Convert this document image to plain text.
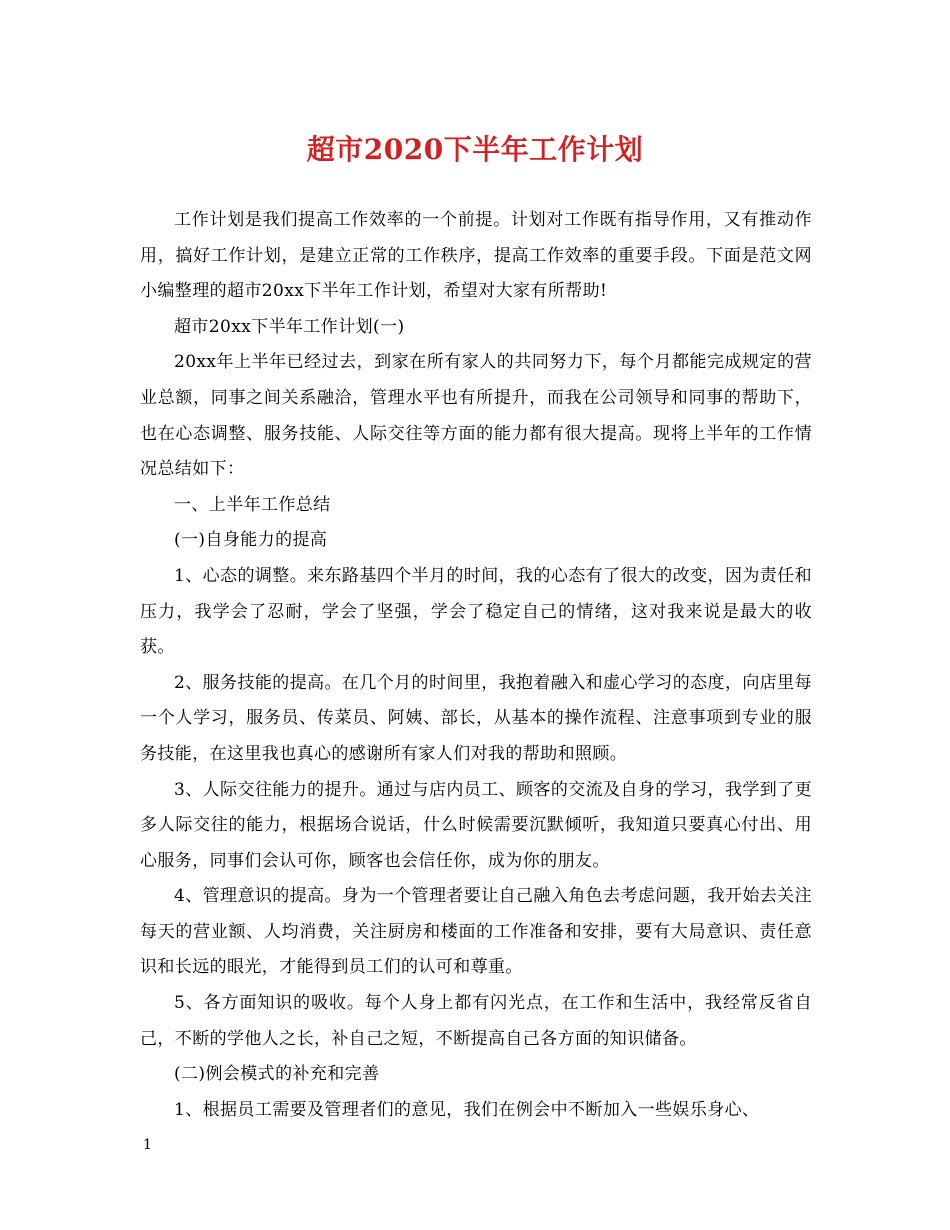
超市2020下半年工作计划

工作计划是我们提高工作效率的一个前提。计划对工作既有指导作用，又有推动作用，搞好工作计划，是建立正常的工作秩序，提高工作效率的重要手段。下面是范文网小编整理的超市20xx下半年工作计划，希望对大家有所帮助!

超市20xx下半年工作计划(一)

20xx年上半年已经过去，到家在所有家人的共同努力下，每个月都能完成规定的营业总额，同事之间关系融洽，管理水平也有所提升，而我在公司领导和同事的帮助下，也在心态调整、服务技能、人际交往等方面的能力都有很大提高。现将上半年的工作情况总结如下：

一、上半年工作总结

(一)自身能力的提高

1、心态的调整。来东路基四个半月的时间，我的心态有了很大的改变，因为责任和压力，我学会了忍耐，学会了坚强，学会了稳定自己的情绪，这对我来说是最大的收获。

2、服务技能的提高。在几个月的时间里，我抱着融入和虚心学习的态度，向店里每一个人学习，服务员、传菜员、阿姨、部长，从基本的操作流程、注意事项到专业的服务技能，在这里我也真心的感谢所有家人们对我的帮助和照顾。

3、人际交往能力的提升。通过与店内员工、顾客的交流及自身的学习，我学到了更多人际交往的能力，根据场合说话，什么时候需要沉默倾听，我知道只要真心付出、用心服务，同事们会认可你，顾客也会信任你，成为你的朋友。

4、管理意识的提高。身为一个管理者要让自己融入角色去考虑问题，我开始去关注每天的营业额、人均消费，关注厨房和楼面的工作准备和安排，要有大局意识、责任意识和长远的眼光，才能得到员工们的认可和尊重。

5、各方面知识的吸收。每个人身上都有闪光点，在工作和生活中，我经常反省自己，不断的学他人之长，补自己之短，不断提高自己各方面的知识储备。

(二)例会模式的补充和完善

1、根据员工需要及管理者们的意见，我们在例会中不断加入一些娱乐身心、

1
